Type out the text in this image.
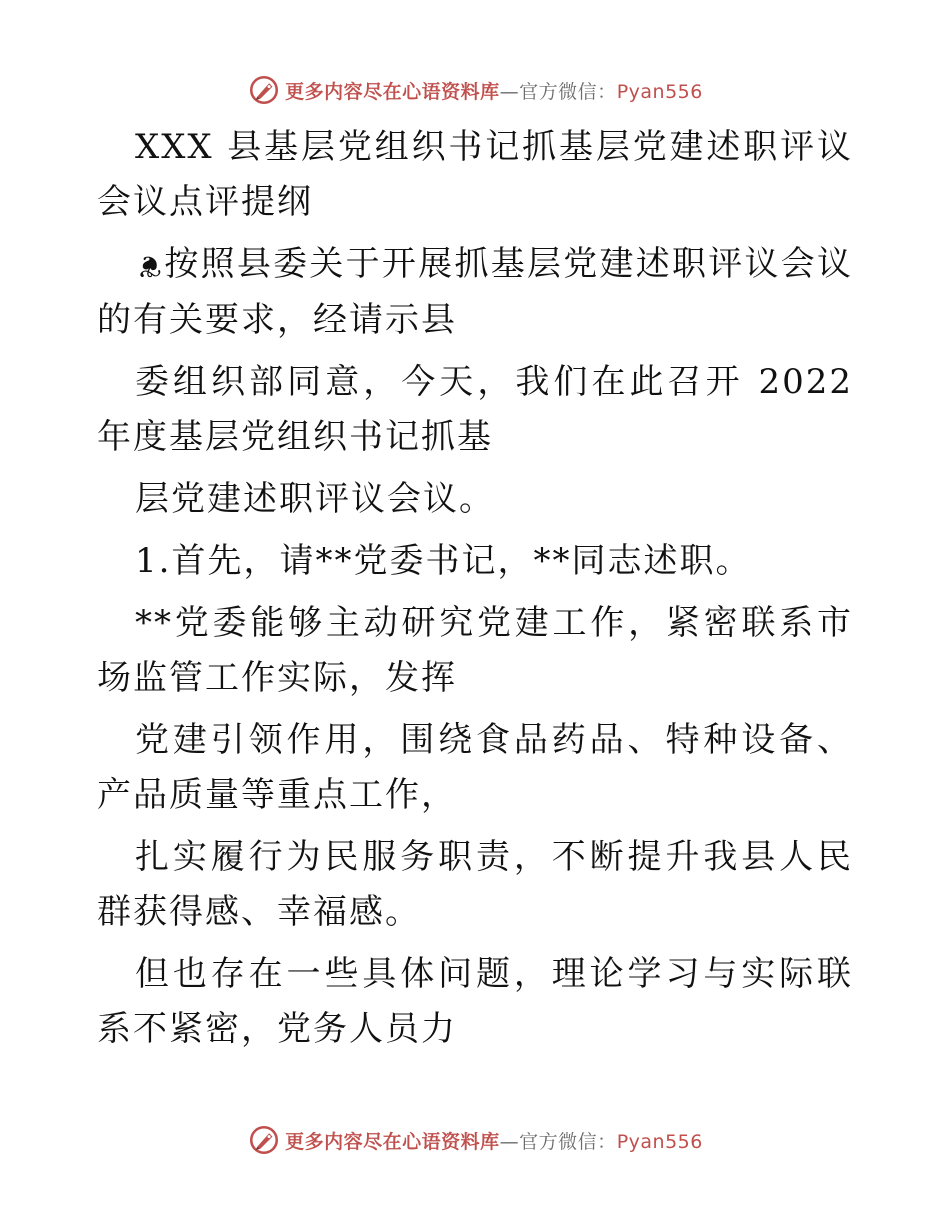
更多内容尽在心语资料库—官方微信：Pyan556

XXX 县基层党组织书记抓基层党建述职评议会议点评提纲

❦按照县委关于开展抓基层党建述职评议会议的有关要求，经请示县

委组织部同意，今天，我们在此召开 2022 年度基层党组织书记抓基

层党建述职评议会议。

1.首先，请**党委书记，**同志述职。

**党委能够主动研究党建工作，紧密联系市场监管工作实际，发挥

党建引领作用，围绕食品药品、特种设备、产品质量等重点工作，

扎实履行为民服务职责，不断提升我县人民群获得感、幸福感。

但也存在一些具体问题，理论学习与实际联系不紧密，党务人员力

更多内容尽在心语资料库—官方微信：Pyan556
